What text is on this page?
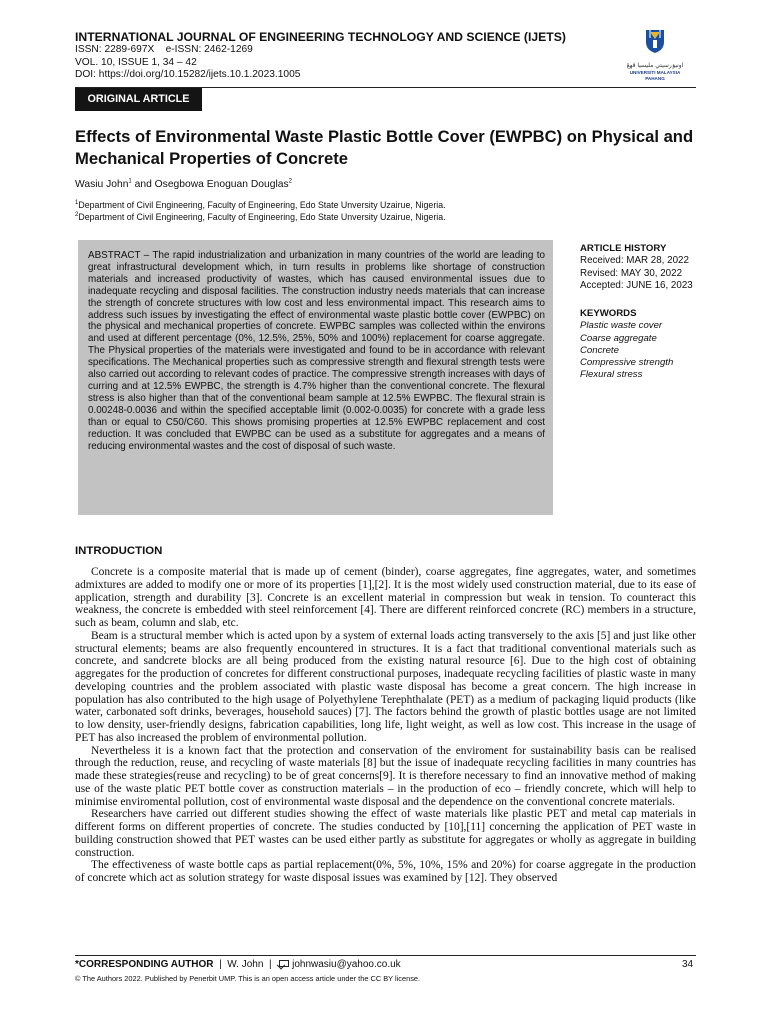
INTERNATIONAL JOURNAL OF ENGINEERING TECHNOLOGY AND SCIENCE (IJETS)
ISSN: 2289-697X    e-ISSN: 2462-1269
VOL. 10, ISSUE 1, 34 – 42
DOI: https://doi.org/10.15282/ijets.10.1.2023.1005
اونيۏرسيتي مليسيا ڤهڠ
UNIVERSITI MALAYSIA PAHANG
ORIGINAL ARTICLE
Effects of Environmental Waste Plastic Bottle Cover (EWPBC) on Physical and Mechanical Properties of Concrete
Wasiu John$^1$ and Osegbowa Enoguan Douglas$^2$
$^1$Department of Civil Engineering, Faculty of Engineering, Edo State Unversity Uzairue, Nigeria.
$^2$Department of Civil Engineering, Faculty of Engineering, Edo State Unversity Uzairue, Nigeria.
ABSTRACT – The rapid industrialization and urbanization in many countries of the world are leading to great infrastructural development which, in turn results in problems like shortage of construction materials and increased productivity of wastes, which has caused environmental issues due to inadequate recycling and disposal facilities. The construction industry needs materials that can increase the strength of concrete structures with low cost and less environmental impact. This research aims to address such issues by investigating the effect of environmental waste plastic bottle cover (EWPBC) on the physical and mechanical properties of concrete. EWPBC samples was collected within the environs and used at different percentage (0%, 12.5%, 25%, 50% and 100%) replacement for coarse aggregate. The Physical properties of the materials were investigated and found to be in accordance with relevant specifications. The Mechanical properties such as compressive strength and flexural strength tests were also carried out according to relevant codes of practice. The compressive strength increases with days of curring and at 12.5% EWPBC, the strength is 4.7% higher than the conventional concrete. The flexural stress is also higher than that of the conventional beam sample at 12.5% EWPBC. The flexural strain is 0.00248-0.0036 and within the specified acceptable limit (0.002-0.0035) for concrete with a grade less than or equal to C50/C60. This shows promising properties at 12.5% EWPBC replacement and cost reduction. It was concluded that EWPBC can be used as a substitute for aggregates and a means of reducing environmental wastes and the cost of disposal of such waste.
ARTICLE HISTORY
Received: MAR 28, 2022
Revised: MAY 30, 2022
Accepted: JUNE 16, 2023
KEYWORDS
Plastic waste cover
Coarse aggregate
Concrete
Compressive strength
Flexural stress
INTRODUCTION

Concrete is a composite material that is made up of cement (binder), coarse aggregates, fine aggregates, water, and sometimes admixtures are added to modify one or more of its properties [1],[2]. It is the most widely used construction material, due to its ease of application, strength and durability [3]. Concrete is an excellent material in compression but weak in tension. To counteract this weakness, the concrete is embedded with steel reinforcement [4]. There are different reinforced concrete (RC) members in a structure, such as beam, column and slab, etc.

Beam is a structural member which is acted upon by a system of external loads acting transversely to the axis [5] and just like other structural elements; beams are also frequently encountered in structures. It is a fact that traditional conventional materials such as concrete, and sandcrete blocks are all being produced from the existing natural resource [6]. Due to the high cost of obtaining aggregates for the production of concretes for different constructional purposes, inadequate recycling facilities of plastic waste in many developing countries and the problem associated with plastic waste disposal has become a great concern. The high increase in population has also contributed to the high usage of Polyethylene Terephthalate (PET) as a medium of packaging liquid products (like water, carbonated soft drinks, beverages, household sauces) [7]. The factors behind the growth of plastic bottles usage are not limited to low density, user-friendly designs, fabrication capabilities, long life, light weight, as well as low cost. This increase in the usage of PET has also increased the problem of environmental pollution.

Nevertheless it is a known fact that the protection and conservation of the enviroment for sustainability basis can be realised through the reduction, reuse, and recycling of waste materials [8] but the issue of inadequate recycling facilities in many countries has made these strategies(reuse and recycling) to be of great concerns[9]. It is therefore necessary to find an innovative method of making use of the waste platic PET bottle cover as construction materials – in the production of eco – friendly concrete, which will help to minimise enviromental pollution, cost of environmental waste disposal and the dependence on the conventional concrete materials.

Researchers have carried out different studies showing the effect of waste materials like plastic PET and metal cap materials in different forms on different properties of concrete. The studies conducted by [10],[11] concerning the application of PET waste in building construction showed that PET wastes can be used either partly as substitute for aggregates or wholly as aggregate in building construction.

The effectiveness of waste bottle caps as partial replacement(0%, 5%, 10%, 15% and 20%) for coarse aggregate in the production of concrete which act as solution strategy for waste disposal issues was examined by [12]. They observed

*CORRESPONDING AUTHOR  |  W. John  |  johnwasiu@yahoo.co.uk	34
© The Authors 2022. Published by Penerbit UMP. This is an open access article under the CC BY license.
